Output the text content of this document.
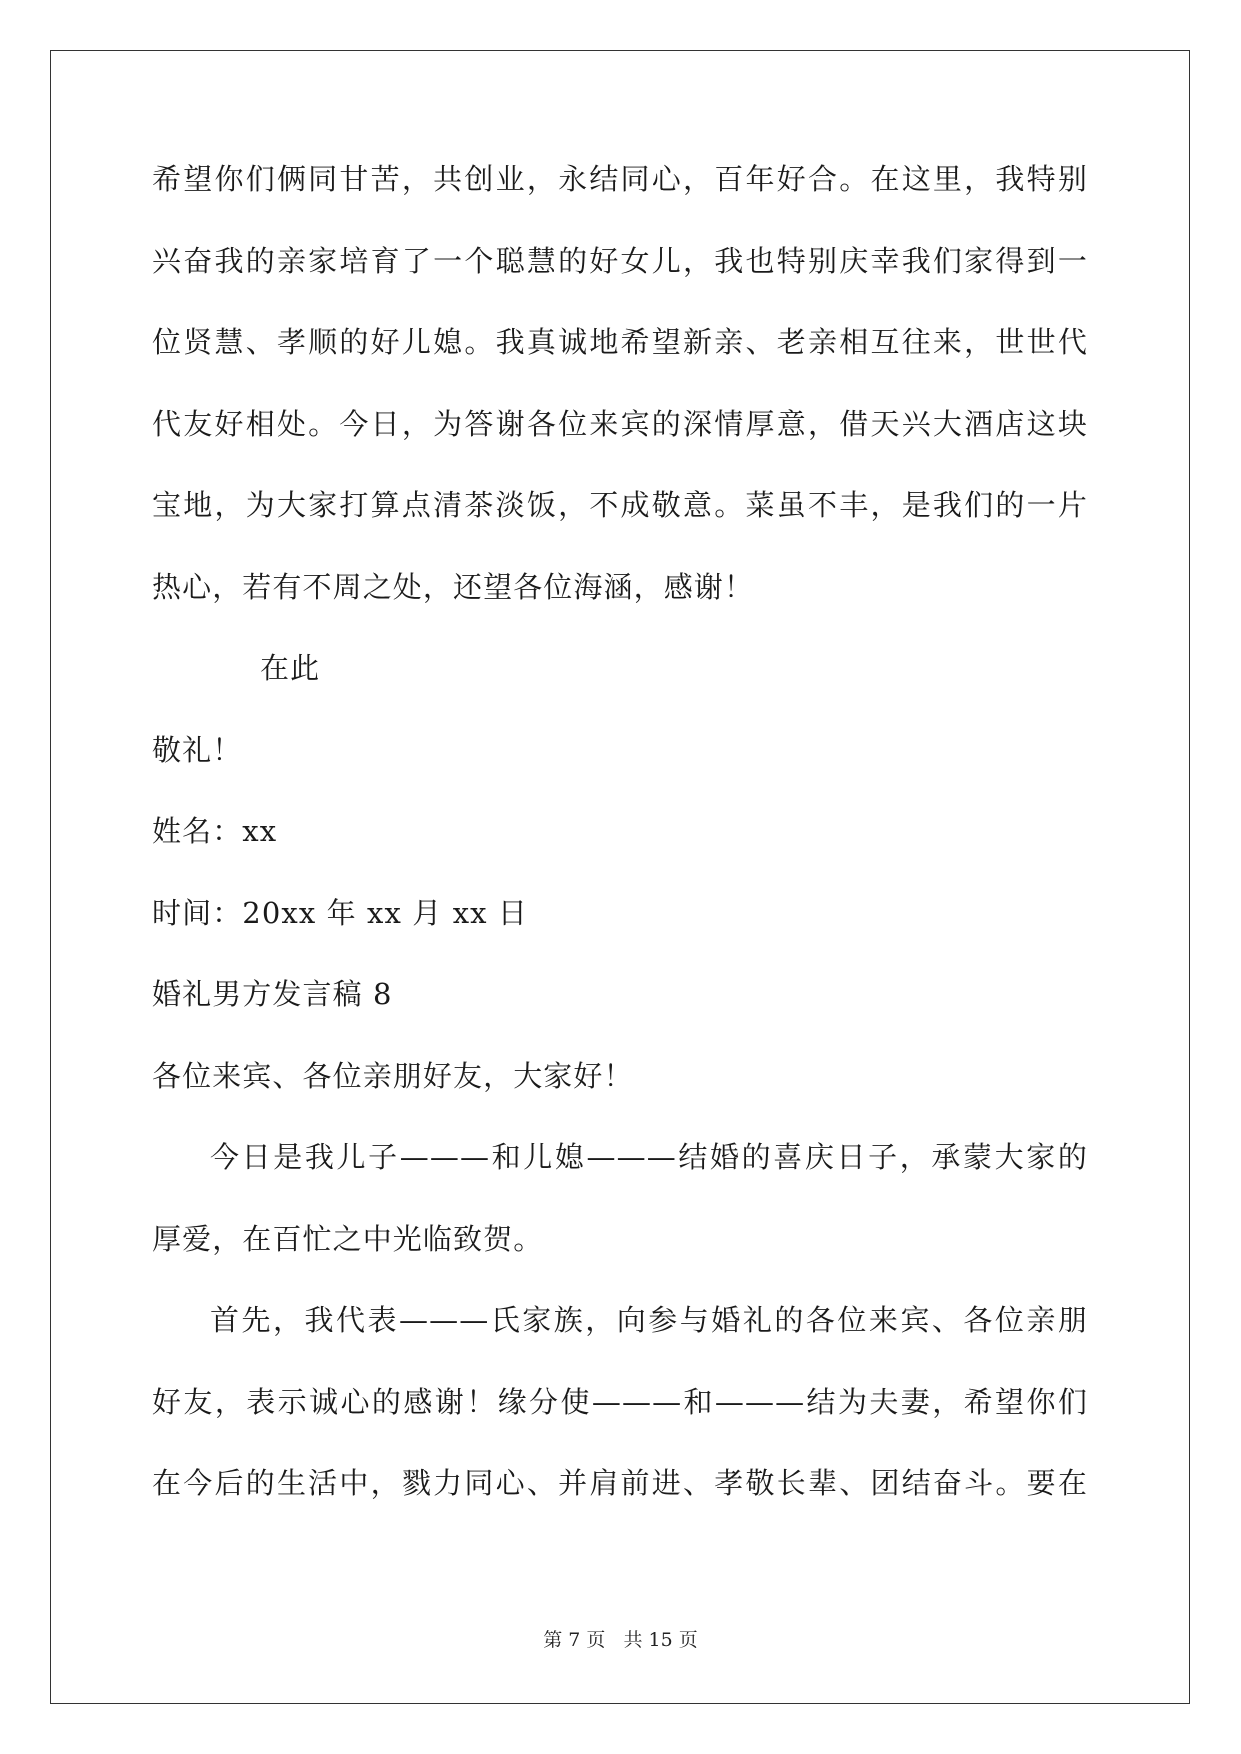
希望你们俩同甘苦，共创业，永结同心，百年好合。在这里，我特别
兴奋我的亲家培育了一个聪慧的好女儿，我也特别庆幸我们家得到一
位贤慧、孝顺的好儿媳。我真诚地希望新亲、老亲相互往来，世世代
代友好相处。今日，为答谢各位来宾的深情厚意，借天兴大酒店这块
宝地，为大家打算点清茶淡饭，不成敬意。菜虽不丰，是我们的一片
热心，若有不周之处，还望各位海涵，感谢！
在此
敬礼！
姓名：xx
时间：20xx 年 xx 月 xx 日
婚礼男方发言稿 8
各位来宾、各位亲朋好友，大家好！
今日是我儿子———和儿媳———结婚的喜庆日子，承蒙大家的
厚爱，在百忙之中光临致贺。
首先，我代表———氏家族，向参与婚礼的各位来宾、各位亲朋
好友，表示诚心的感谢！缘分使———和———结为夫妻，希望你们
在今后的生活中，戮力同心、并肩前进、孝敬长辈、团结奋斗。要在
第 7 页 共 15 页
